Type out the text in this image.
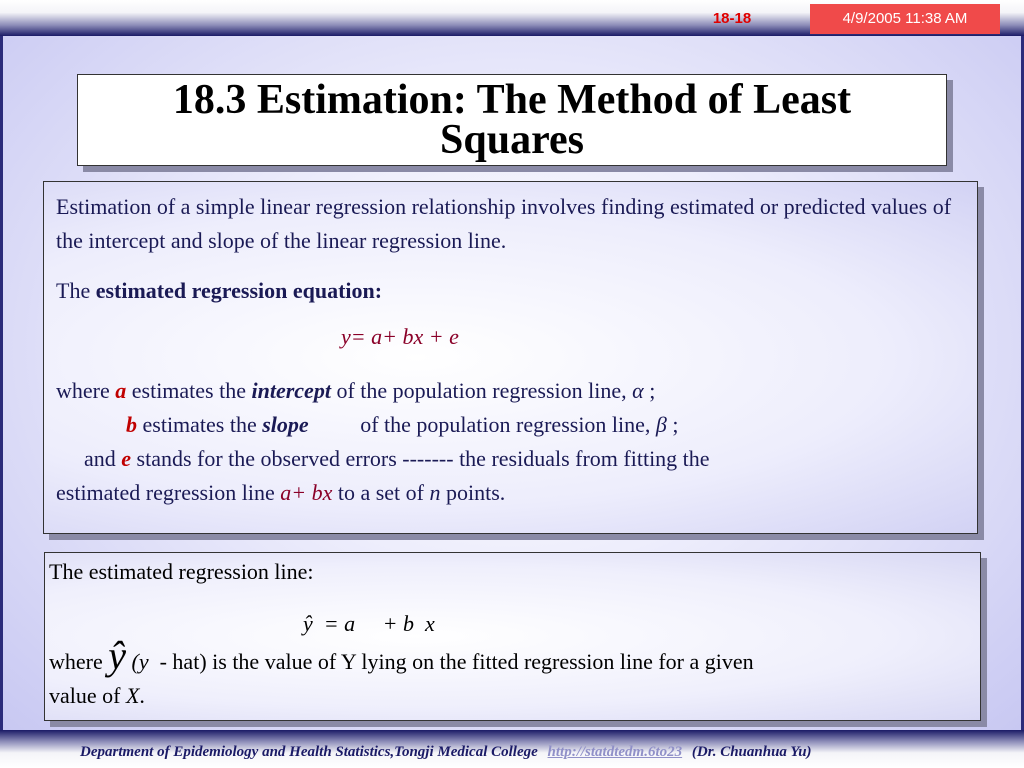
18-18	4/9/2005 11:38 AM
18.3 Estimation: The Method of Least
Squares

Estimation of a simple linear regression relationship involves finding estimated or predicted values of the intercept and slope of the linear regression line.

The estimated regression equation:

y= a+ bx + e

where a estimates the intercept of the population regression line, α ;

b estimates the slope of the population regression line, β ;

and e stands for the observed errors ------- the residuals from fitting the

estimated regression line a+ bx to a set of n points.

The estimated regression line:

ŷ = a     + b  x

where ŷ (y - hat) is the value of Y lying on the fitted regression line for a given

value of X.

Department of Epidemiology and Health Statistics,Tongji Medical College http://statdtedm.6to23 (Dr. Chuanhua Yu)
